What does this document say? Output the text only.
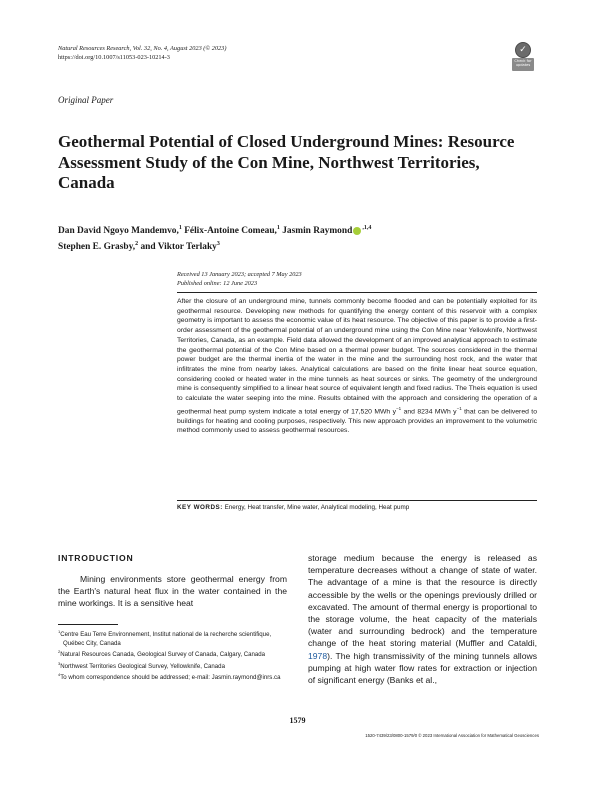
Natural Resources Research, Vol. 32, No. 4, August 2023 (© 2023)
https://doi.org/10.1007/s11053-023-10214-3
✓
Check for updates
Original Paper
Geothermal Potential of Closed Underground Mines: Resource Assessment Study of the Con Mine, Northwest Territories, Canada
Dan David Ngoyo Mandemvo,$^1$ Félix-Antoine Comeau,$^1$ Jasmin Raymond $^{,1,4}$
Stephen E. Grasby,$^2$ and Viktor Terlaky$^3$
Received 13 January 2023; accepted 7 May 2023
Published online: 12 June 2023
After the closure of an underground mine, tunnels commonly become flooded and can be potentially exploited for its geothermal resource. Developing new methods for quantifying the energy content of this reservoir with a complex geometry is important to assess the economic value of its heat resource. The objective of this paper is to provide a first-order assessment of the geothermal potential of an underground mine using the Con Mine near Yellowknife, Northwest Territories, Canada, as an example. Field data allowed the development of an improved analytical approach to estimate the geothermal potential of the Con Mine based on a thermal power budget. The sources considered in the thermal power budget are the thermal inertia of the water in the mine and the surrounding host rock, and the water that infiltrates the mine from nearby lakes. Analytical calculations are based on the finite linear heat source equation, considering cooled or heated water in the mine tunnels as heat sources or sinks. The geometry of the underground mine is consequently simplified to a linear heat source of equivalent length and fixed radius. The Theis equation is used to calculate the water seeping into the mine. Results obtained with the approach and considering the operation of a geothermal heat pump system indicate a total energy of 17,520 MWh $y^{-1}$ and 8234 MWh $y^{-1}$ that can be delivered to buildings for heating and cooling purposes, respectively. This new approach provides an improvement to the volumetric method commonly used to assess geothermal resources.
KEY WORDS: Energy, Heat transfer, Mine water, Analytical modeling, Heat pump
INTRODUCTION
Mining environments store geothermal energy from the Earth's natural heat flux in the water contained in the mine workings. It is a sensitive heat

$^1$Centre Eau Terre Environnement, Institut national de la recherche scientifique, Québec City, Canada

$^2$Natural Resources Canada, Geological Survey of Canada, Calgary, Canada

$^3$Northwest Territories Geological Survey, Yellowknife, Canada

$^4$To whom correspondence should be addressed; e-mail: Jasmin.raymond@inrs.ca

storage medium because the energy is released as temperature decreases without a change of state of water. The advantage of a mine is that the resource is directly accessible by the wells or the openings previously drilled or excavated. The amount of thermal energy is proportional to the storage volume, the heat capacity of the materials (water and surrounding bedrock) and the temperature change of the heat storing material (Muffler and Cataldi, 1978). The high transmissivity of the mining tunnels allows pumping at high water flow rates for extraction or injection of significant energy (Banks et al.,
1579
1520-7439/23/0800-1579/0 © 2023 International Association for Mathematical Geosciences
